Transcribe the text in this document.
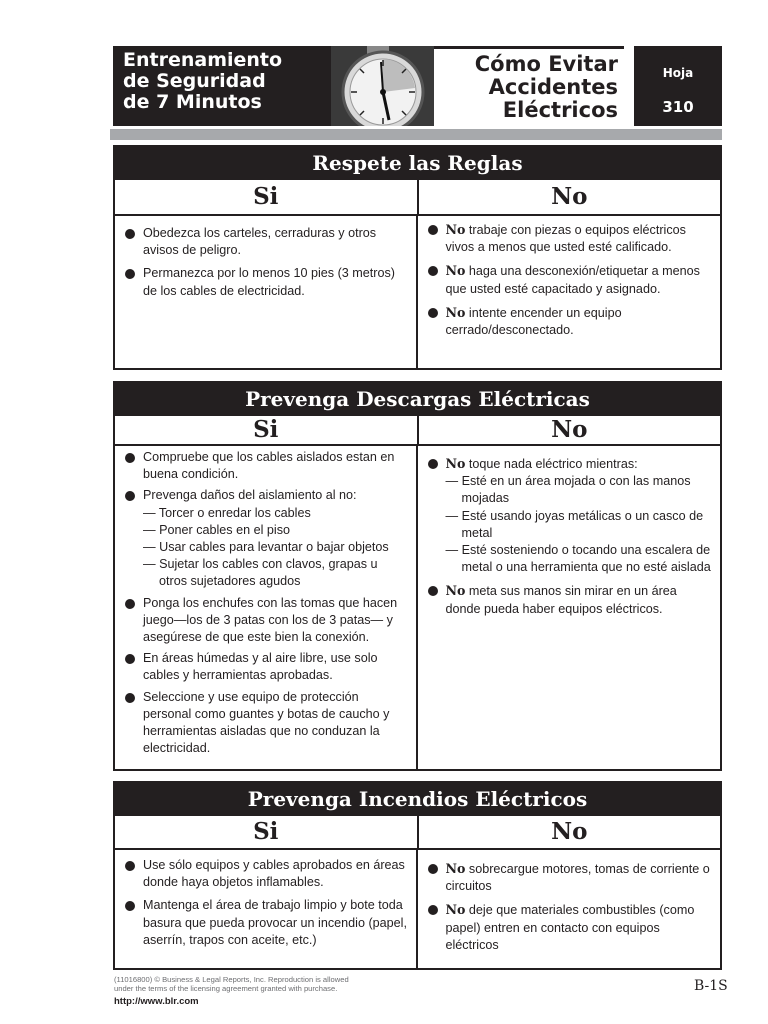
Entrenamiento
de Seguridad
de 7 Minutos
Cómo Evitar
Accidentes
Eléctricos
Hoja
310
Respete las Reglas
Si	No
Obedezca los carteles, cerraduras y otros avisos de peligro.
Permanezca por lo menos 10 pies (3 metros) de los cables de electricidad.
No trabaje con piezas o equipos eléctricos vivos a menos que usted esté calificado.
No haga una desconexión/etiquetar a menos que usted esté capacitado y asignado.
No intente encender un equipo cerrado/desconectado.
Prevenga Descargas Eléctricas
Si	No
Compruebe que los cables aislados estan en buena condición.
Prevenga daños del aislamiento al no:
— Torcer o enredar los cables
— Poner cables en el piso
— Usar cables para levantar o bajar objetos
— Sujetar los cables con clavos, grapas u otros sujetadores agudos
Ponga los enchufes con las tomas que hacen juego—los de 3 patas con los de 3 patas— y asegúrese de que este bien la conexión.
En áreas húmedas y al aire libre, use solo cables y herramientas aprobadas.
Seleccione y use equipo de protección personal como guantes y botas de caucho y herramientas aisladas que no conduzan la electricidad.
No toque nada eléctrico mientras:
— Esté en un área mojada o con las manos mojadas
— Esté usando joyas metálicas o un casco de metal
— Esté sosteniendo o tocando una escalera de metal o una herramienta que no esté aislada
No meta sus manos sin mirar en un área donde pueda haber equipos eléctricos.
Prevenga Incendios Eléctricos
Si	No
Use sólo equipos y cables aprobados en áreas donde haya objetos inflamables.
Mantenga el área de trabajo limpio y bote toda basura que pueda provocar un incendio (papel, aserrín, trapos con aceite, etc.)
No sobrecargue motores, tomas de corriente o circuitos
No deje que materiales combustibles (como papel) entren en contacto con equipos eléctricos
(11016800) © Business & Legal Reports, Inc. Reproduction is allowed
under the terms of the licensing agreement granted with purchase.
http://www.blr.com
B-1S
